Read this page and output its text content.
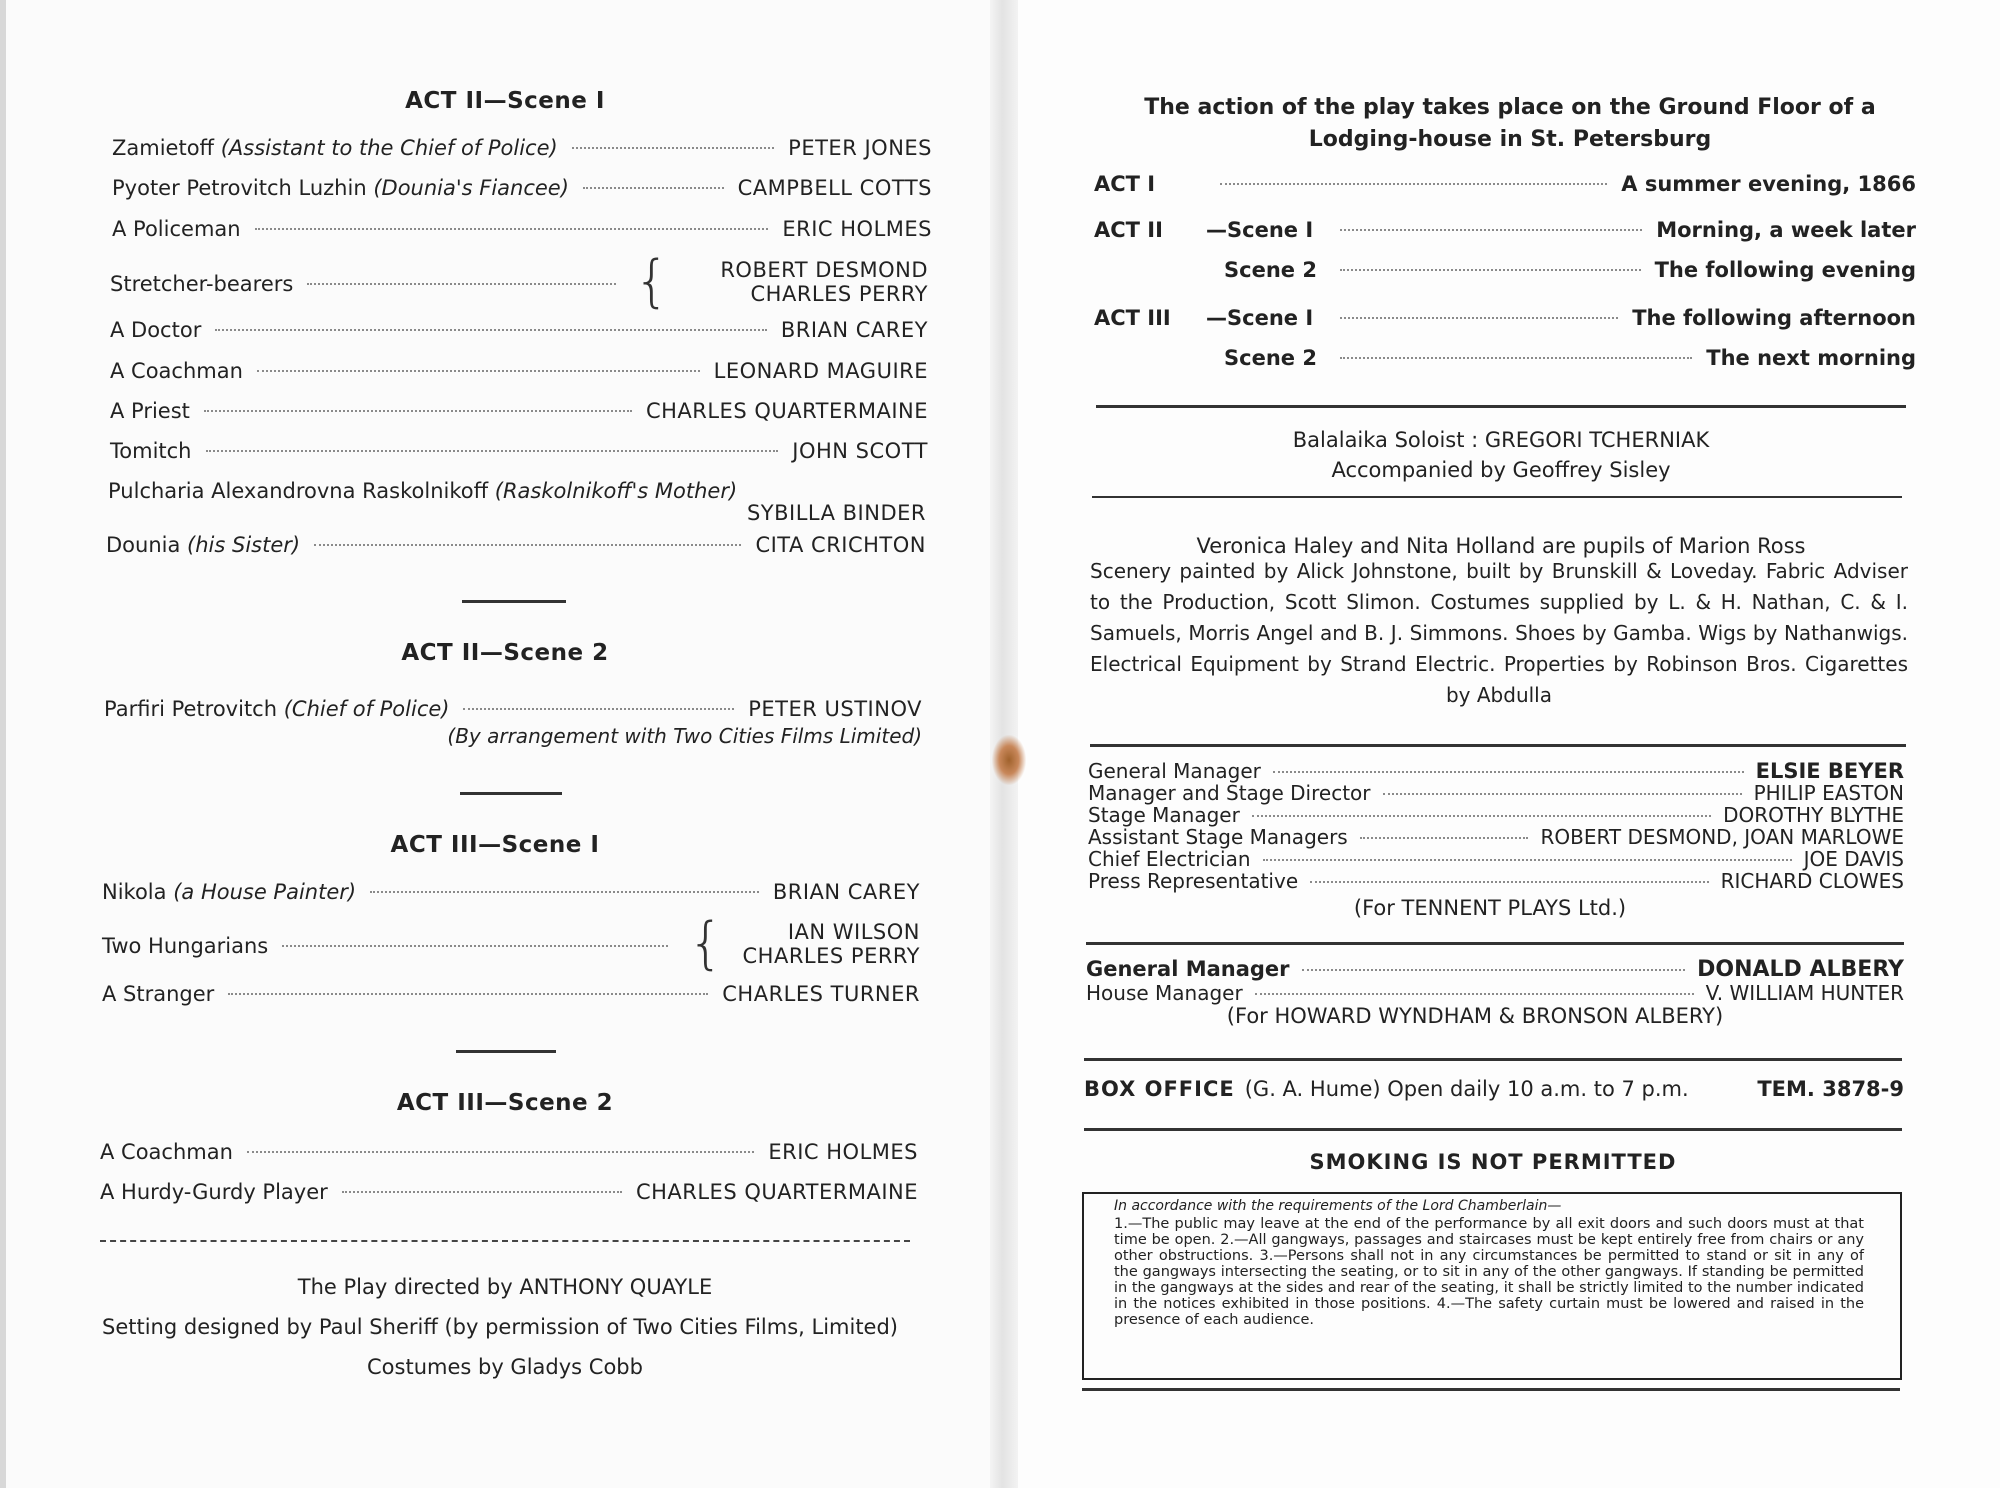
ACT II—Scene I
Zamietoff (Assistant to the Chief of Police)	PETER JONES
Pyoter Petrovitch Luzhin (Dounia's Fiancee)	CAMPBELL COTTS
A Policeman	ERIC HOLMES
Stretcher-bearers	{	ROBERT DESMOND
CHARLES PERRY
A Doctor	BRIAN CAREY
A Coachman	LEONARD MAGUIRE
A Priest	CHARLES QUARTERMAINE
Tomitch	JOHN SCOTT
Pulcharia Alexandrovna Raskolnikoff (Raskolnikoff's Mother)
SYBILLA BINDER
Dounia (his Sister)	CITA CRICHTON
ACT II—Scene 2
Parfiri Petrovitch (Chief of Police)	PETER USTINOV
(By arrangement with Two Cities Films Limited)
ACT III—Scene I
Nikola (a House Painter)	BRIAN CAREY
Two Hungarians	{	IAN WILSON
CHARLES PERRY
A Stranger	CHARLES TURNER
ACT III—Scene 2
A Coachman	ERIC HOLMES
A Hurdy-Gurdy Player	CHARLES QUARTERMAINE
The Play directed by ANTHONY QUAYLE
Setting designed by Paul Sheriff (by permission of Two Cities Films, Limited)
Costumes by Gladys Cobb
The action of the play takes place on the Ground Floor of a Lodging-house in St. Petersburg
ACT I	A summer evening, 1866
ACT II	—Scene I	Morning, a week later
Scene 2	The following evening
ACT III	—Scene I	The following afternoon
Scene 2	The next morning
Balalaika Soloist : GREGORI TCHERNIAK
Accompanied by Geoffrey Sisley
Veronica Haley and Nita Holland are pupils of Marion Ross
Scenery painted by Alick Johnstone, built by Brunskill & Loveday. Fabric Adviser to the Production, Scott Slimon. Costumes supplied by L. & H. Nathan, C. & I. Samuels, Morris Angel and B. J. Simmons. Shoes by Gamba. Wigs by Nathanwigs. Electrical Equipment by Strand Electric. Properties by Robinson Bros. Cigarettes by Abdulla
General Manager	ELSIE BEYER
Manager and Stage Director	PHILIP EASTON
Stage Manager	DOROTHY BLYTHE
Assistant Stage Managers	ROBERT DESMOND, JOAN MARLOWE
Chief Electrician	JOE DAVIS
Press Representative	RICHARD CLOWES
(For TENNENT PLAYS Ltd.)
General Manager	DONALD ALBERY
House Manager	V. WILLIAM HUNTER
(For HOWARD WYNDHAM & BRONSON ALBERY)
BOX OFFICE (G. A. Hume) Open daily 10 a.m. to 7 p.m.	TEM. 3878-9
SMOKING IS NOT PERMITTED
In accordance with the requirements of the Lord Chamberlain—
1.—The public may leave at the end of the performance by all exit doors and such doors must at that time be open. 2.—All gangways, passages and staircases must be kept entirely free from chairs or any other obstructions. 3.—Persons shall not in any circumstances be permitted to stand or sit in any of the gangways intersecting the seating, or to sit in any of the other gangways. If standing be permitted in the gangways at the sides and rear of the seating, it shall be strictly limited to the number indicated in the notices exhibited in those positions. 4.—The safety curtain must be lowered and raised in the presence of each audience.
